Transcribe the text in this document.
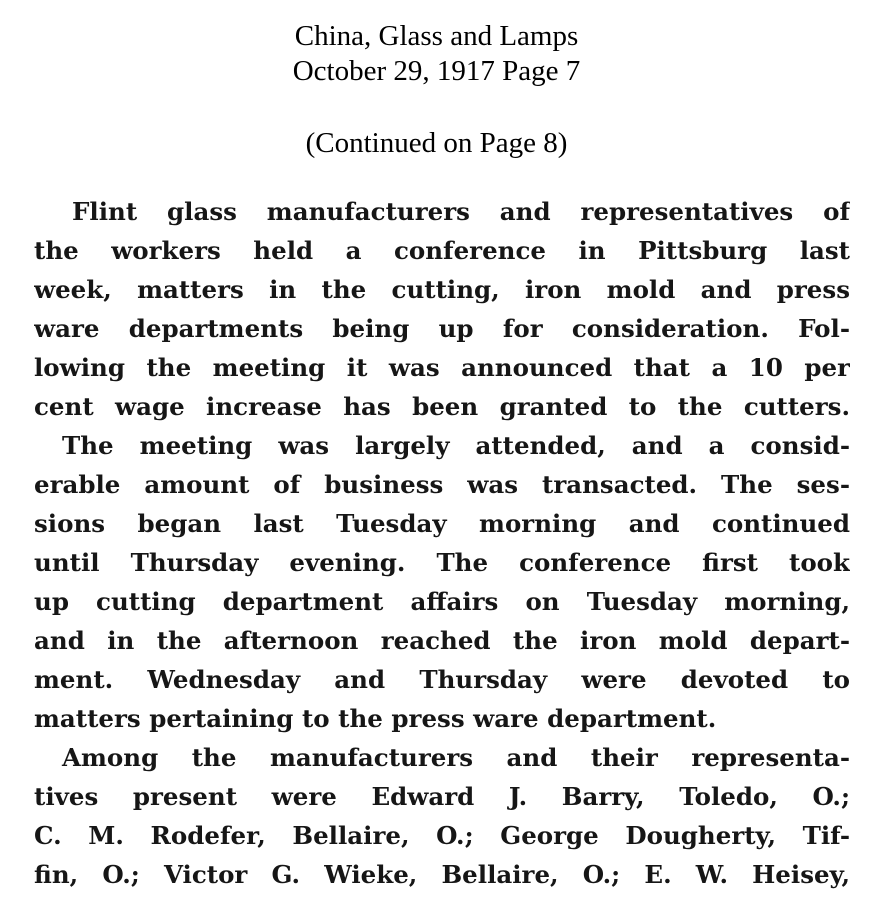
China, Glass and Lamps
October 29, 1917 Page 7
(Continued on Page 8)
Flint glass manufacturers and representatives of
the workers held a conference in Pittsburg last
week, matters in the cutting, iron mold and press
ware departments being up for consideration. Fol-
lowing the meeting it was announced that a 10 per
cent wage increase has been granted to the cutters.
The meeting was largely attended, and a consid-
erable amount of business was transacted. The ses-
sions began last Tuesday morning and continued
until Thursday evening. The conference first took
up cutting department affairs on Tuesday morning,
and in the afternoon reached the iron mold depart-
ment. Wednesday and Thursday were devoted to
matters pertaining to the press ware department.
Among the manufacturers and their representa-
tives present were Edward J. Barry, Toledo, O.;
C. M. Rodefer, Bellaire, O.; George Dougherty, Tif-
fin, O.; Victor G. Wieke, Bellaire, O.; E. W. Heisey,
